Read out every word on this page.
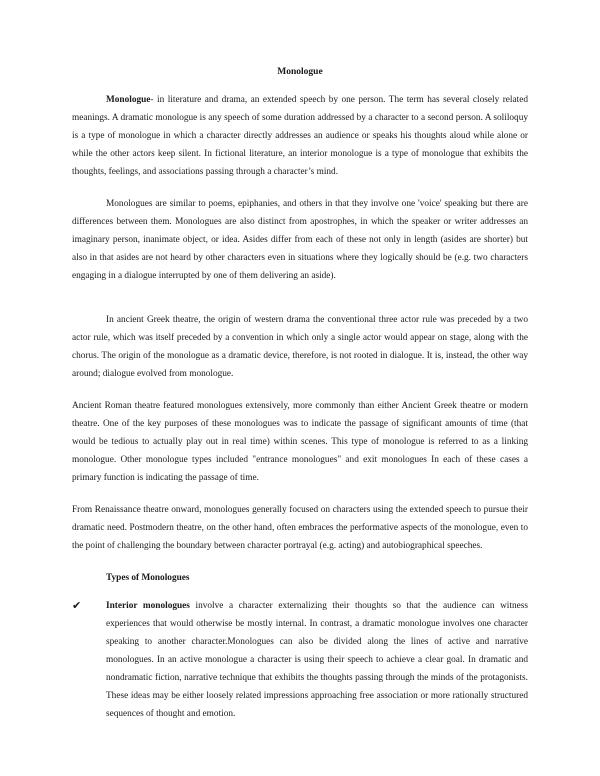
Monologue

Monologue- in literature and drama, an extended speech by one person. The term has several closely related meanings. A dramatic monologue is any speech of some duration addressed by a character to a second person. A soliloquy is a type of monologue in which a character directly addresses an audience or speaks his thoughts aloud while alone or while the other actors keep silent. In fictional literature, an interior monologue is a type of monologue that exhibits the thoughts, feelings, and associations passing through a character’s mind.

Monologues are similar to poems, epiphanies, and others in that they involve one 'voice' speaking but there are differences between them. Monologues are also distinct from apostrophes, in which the speaker or writer addresses an imaginary person, inanimate object, or idea. Asides differ from each of these not only in length (asides are shorter) but also in that asides are not heard by other characters even in situations where they logically should be (e.g. two characters engaging in a dialogue interrupted by one of them delivering an aside).

In ancient Greek theatre, the origin of western drama the conventional three actor rule was preceded by a two actor rule, which was itself preceded by a convention in which only a single actor would appear on stage, along with the chorus. The origin of the monologue as a dramatic device, therefore, is not rooted in dialogue. It is, instead, the other way around; dialogue evolved from monologue.

Ancient Roman theatre featured monologues extensively, more commonly than either Ancient Greek theatre or modern theatre. One of the key purposes of these monologues was to indicate the passage of significant amounts of time (that would be tedious to actually play out in real time) within scenes. This type of monologue is referred to as a linking monologue. Other monologue types included "entrance monologues" and exit monologues In each of these cases a primary function is indicating the passage of time.

From Renaissance theatre onward, monologues generally focused on characters using the extended speech to pursue their dramatic need. Postmodern theatre, on the other hand, often embraces the performative aspects of the monologue, even to the point of challenging the boundary between character portrayal (e.g. acting) and autobiographical speeches.

Types of Monologues
✔	Interior monologues involve a character externalizing their thoughts so that the audience can witness experiences that would otherwise be mostly internal. In contrast, a dramatic monologue involves one character speaking to another character.Monologues can also be divided along the lines of active and narrative monologues. In an active monologue a character is using their speech to achieve a clear goal. In dramatic and nondramatic fiction, narrative technique that exhibits the thoughts passing through the minds of the protagonists. These ideas may be either loosely related impressions approaching free association or more rationally structured sequences of thought and emotion.
